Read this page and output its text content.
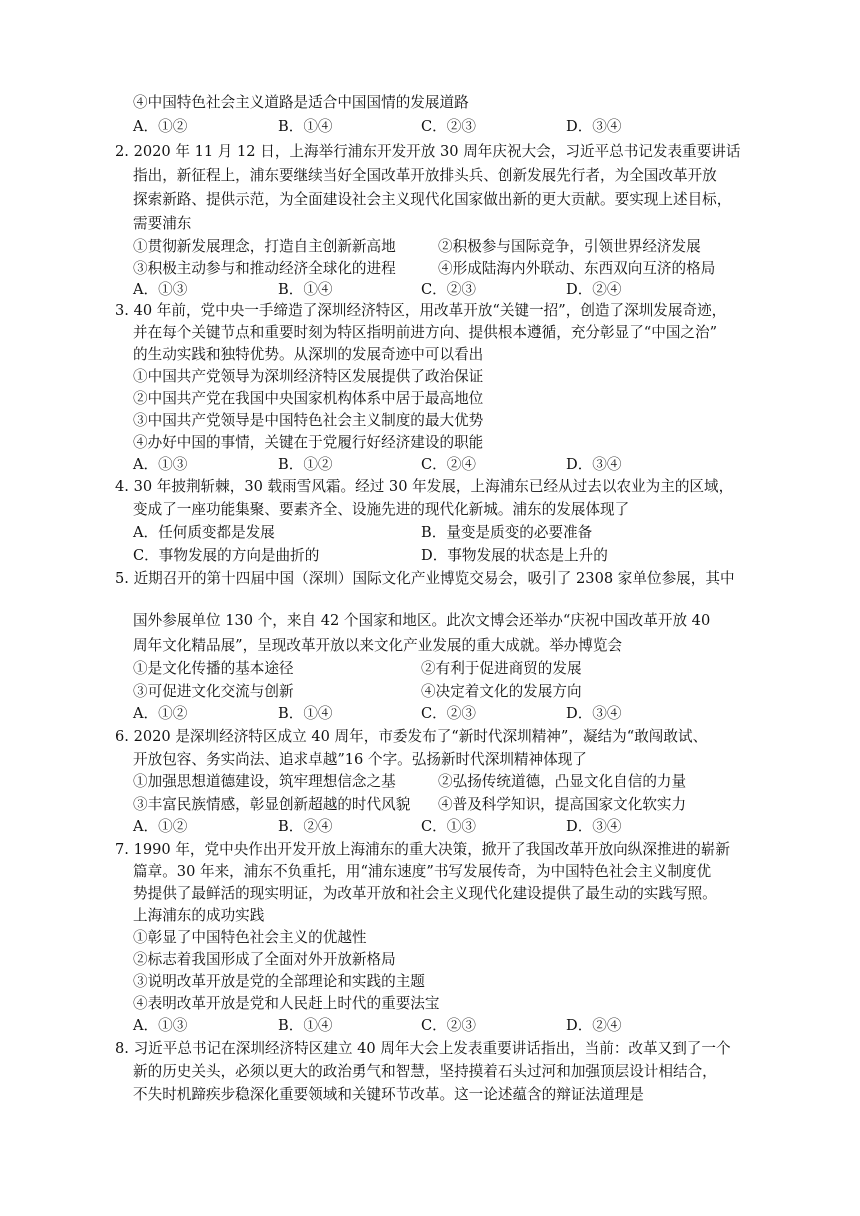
④中国特色社会主义道路是适合中国国情的发展道路
A．①②	B．①④	C．②③	D．③④
2. 2020 年 11 月 12 日，上海举行浦东开发开放 30 周年庆祝大会，习近平总书记发表重要讲话
指出，新征程上，浦东要继续当好全国改革开放排头兵、创新发展先行者，为全国改革开放
探索新路、提供示范，为全面建设社会主义现代化国家做出新的更大贡献。要实现上述目标，
需要浦东
①贯彻新发展理念，打造自主创新新高地	②积极参与国际竞争，引领世界经济发展
③积极主动参与和推动经济全球化的进程	④形成陆海内外联动、东西双向互济的格局
A．①③	B．①④	C．②③	D．②④
3. 40 年前，党中央一手缔造了深圳经济特区，用改革开放“关键一招”，创造了深圳发展奇迹，
并在每个关键节点和重要时刻为特区指明前进方向、提供根本遵循，充分彰显了“中国之治”
的生动实践和独特优势。从深圳的发展奇迹中可以看出
①中国共产党领导为深圳经济特区发展提供了政治保证
②中国共产党在我国中央国家机构体系中居于最高地位
③中国共产党领导是中国特色社会主义制度的最大优势
④办好中国的事情，关键在于党履行好经济建设的职能
A．①③	B．①②	C．②④	D．③④
4. 30 年披荆斩棘，30 载雨雪风霜。经过 30 年发展，上海浦东已经从过去以农业为主的区域，
变成了一座功能集聚、要素齐全、设施先进的现代化新城。浦东的发展体现了
A．任何质变都是发展	B．量变是质变的必要准备
C．事物发展的方向是曲折的	D．事物发展的状态是上升的
5. 近期召开的第十四届中国（深圳）国际文化产业博览交易会，吸引了 2308 家单位参展，其中
国外参展单位 130 个，来自 42 个国家和地区。此次文博会还举办“庆祝中国改革开放 40
周年文化精品展”，呈现改革开放以来文化产业发展的重大成就。举办博览会
①是文化传播的基本途径	②有利于促进商贸的发展
③可促进文化交流与创新	④决定着文化的发展方向
A．①②	B．①④	C．②③	D．③④
6. 2020 是深圳经济特区成立 40 周年，市委发布了“新时代深圳精神”，凝结为“敢闯敢试、
开放包容、务实尚法、追求卓越”16 个字。弘扬新时代深圳精神体现了
①加强思想道德建设，筑牢理想信念之基	②弘扬传统道德，凸显文化自信的力量
③丰富民族情感，彰显创新超越的时代风貌 ④普及科学知识，提高国家文化软实力
A．①②	B．②④	C．①③	D．③④
7. 1990 年，党中央作出开发开放上海浦东的重大决策，掀开了我国改革开放向纵深推进的崭新
篇章。30 年来，浦东不负重托，用“浦东速度”书写发展传奇，为中国特色社会主义制度优
势提供了最鲜活的现实明证，为改革开放和社会主义现代化建设提供了最生动的实践写照。
上海浦东的成功实践
①彰显了中国特色社会主义的优越性
②标志着我国形成了全面对外开放新格局
③说明改革开放是党的全部理论和实践的主题
④表明改革开放是党和人民赶上时代的重要法宝
A．①③	B．①④	C．②③	D．②④
8. 习近平总书记在深圳经济特区建立 40 周年大会上发表重要讲话指出，当前：改革又到了一个
新的历史关头，必须以更大的政治勇气和智慧，坚持摸着石头过河和加强顶层设计相结合，
不失时机蹄疾步稳深化重要领域和关键环节改革。这一论述蕴含的辩证法道理是
